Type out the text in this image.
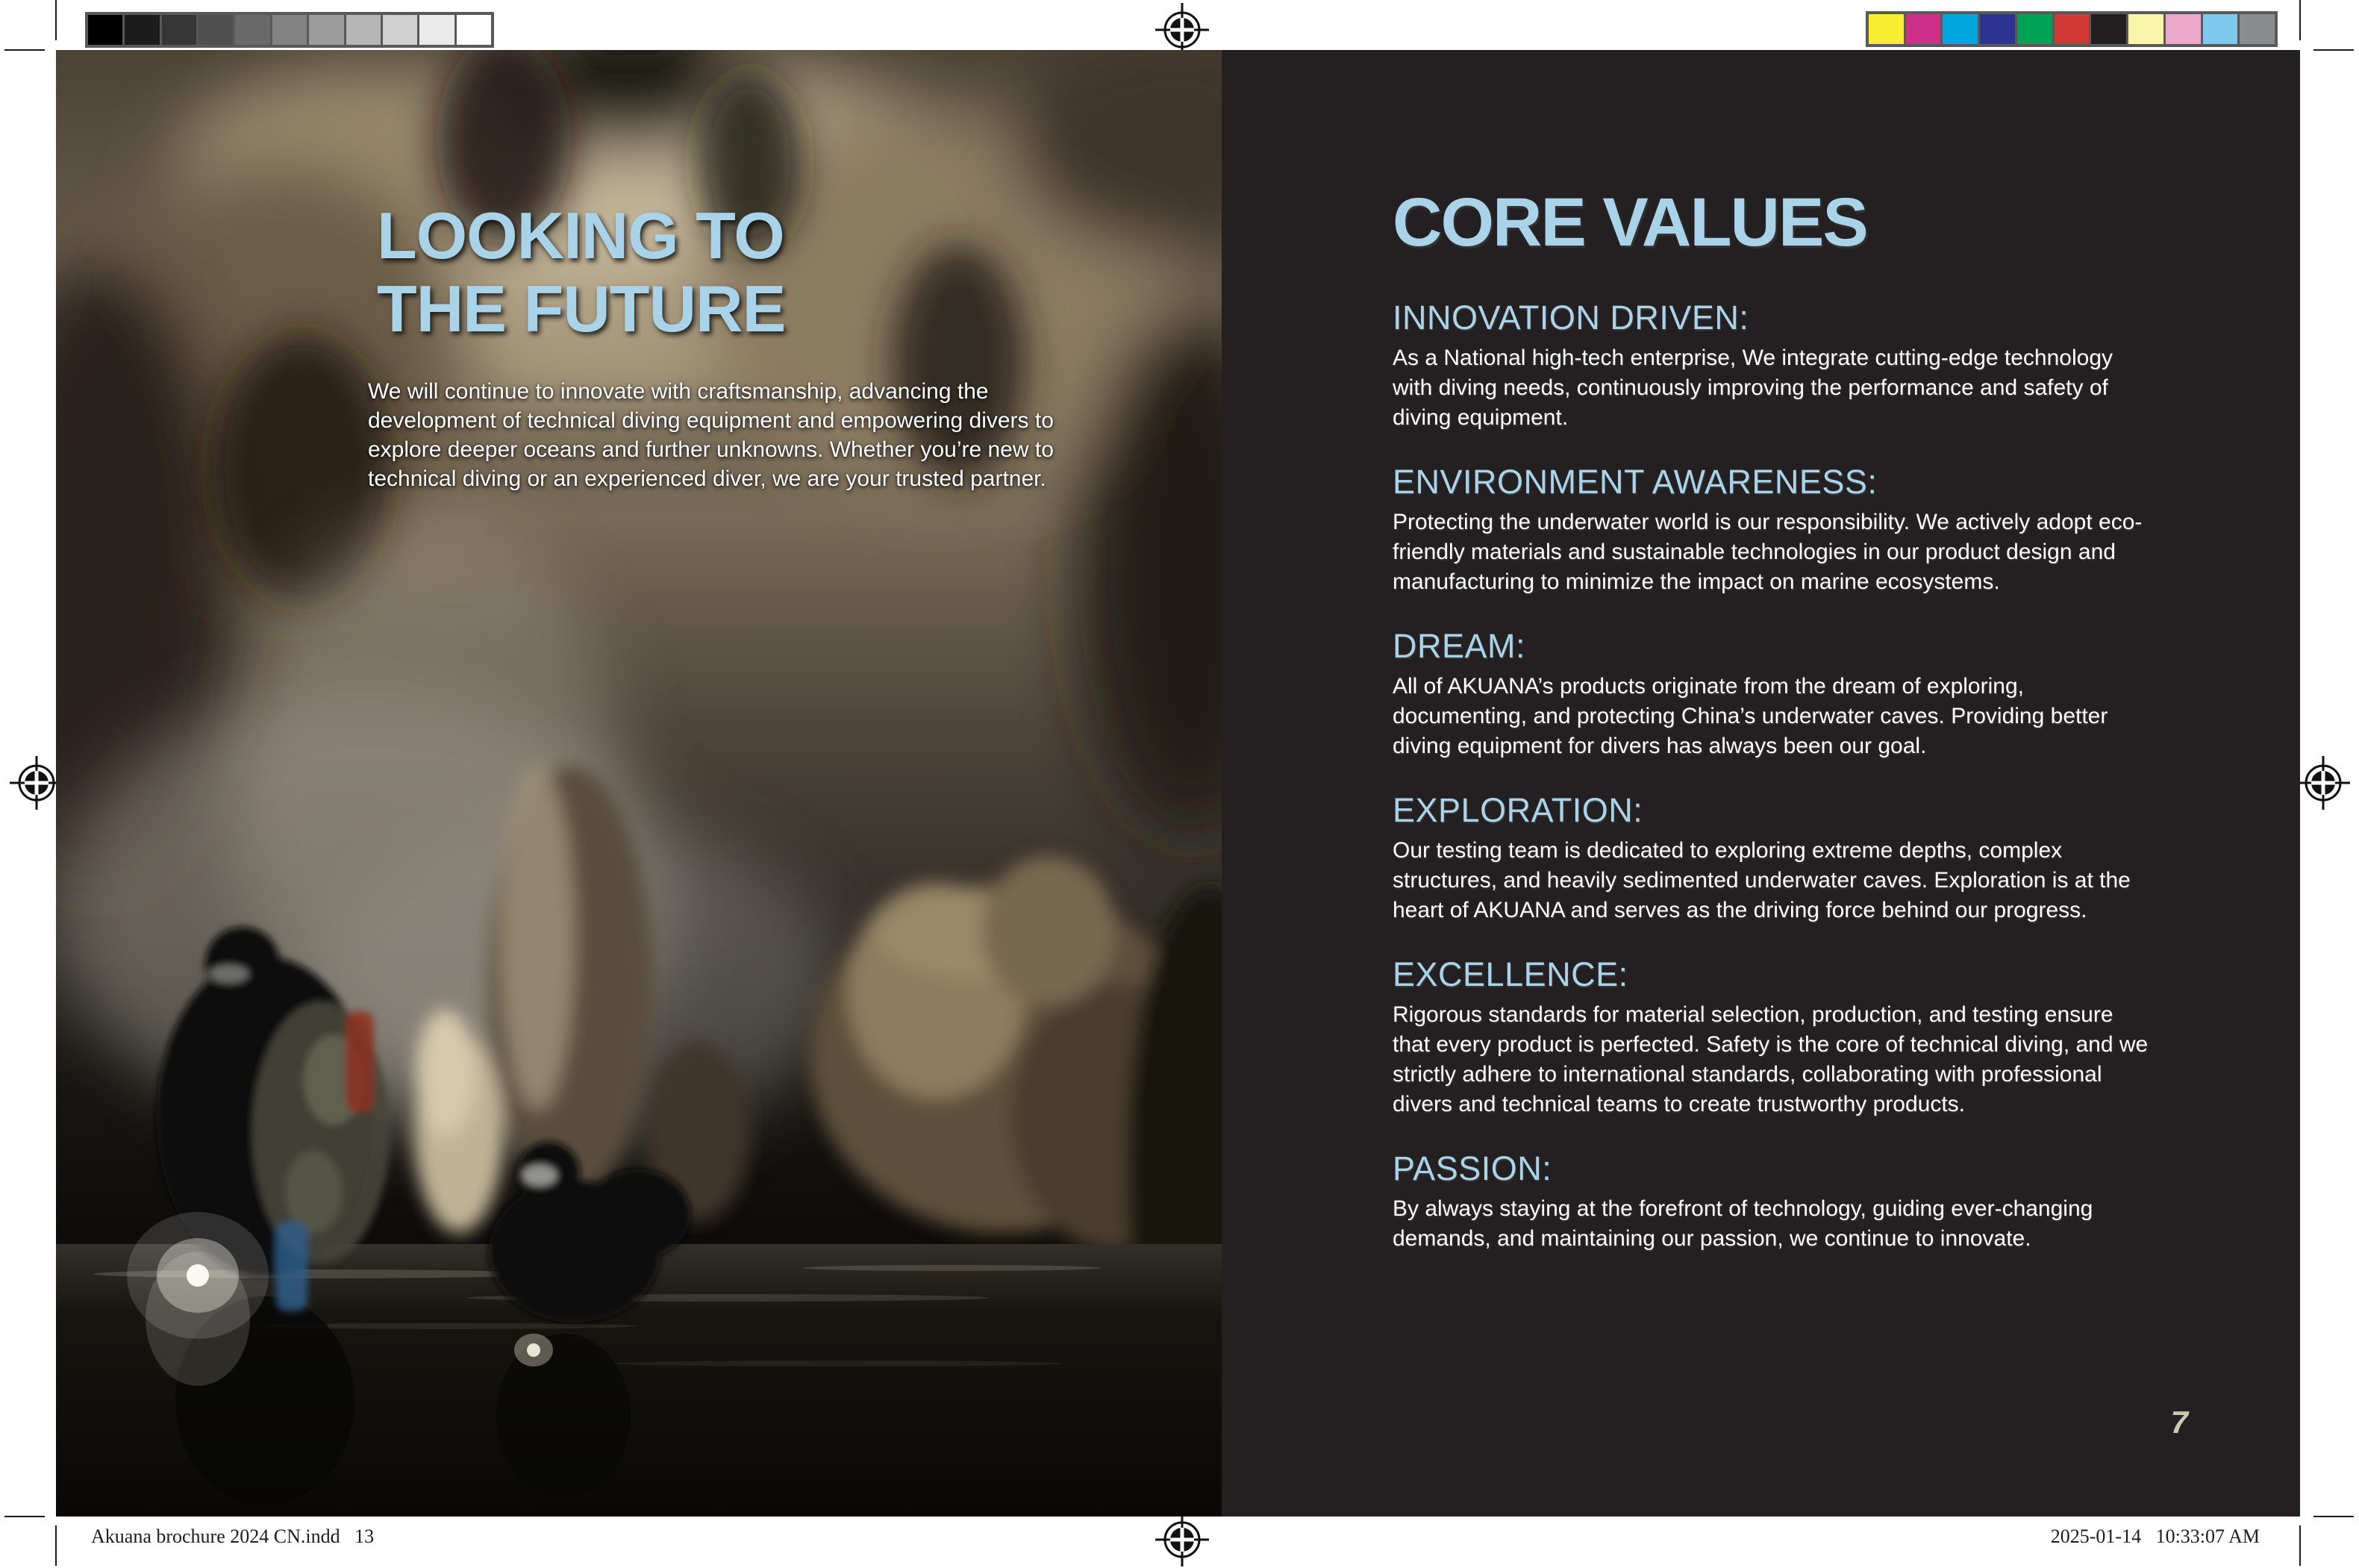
LOOKING TO
THE FUTURE

We will continue to innovate with craftsmanship, advancing the development of technical diving equipment and empowering divers to explore deeper oceans and further unknowns. Whether you’re new to technical diving or an experienced diver, we are your trusted partner.

CORE VALUES
INNOVATION DRIVEN:
As a National high-tech enterprise, We integrate cutting-edge technology with diving needs, continuously improving the performance and safety of diving equipment.
ENVIRONMENT AWARENESS:
Protecting the underwater world is our responsibility. We actively adopt eco-friendly materials and sustainable technologies in our product design and manufacturing to minimize the impact on marine ecosystems.
DREAM:
All of AKUANA’s products originate from the dream of exploring, documenting, and protecting China’s underwater caves. Providing better diving equipment for divers has always been our goal.
EXPLORATION:
Our testing team is dedicated to exploring extreme depths, complex structures, and heavily sedimented underwater caves. Exploration is at the heart of AKUANA and serves as the driving force behind our progress.
EXCELLENCE:
Rigorous standards for material selection, production, and testing ensure that every product is perfected. Safety is the core of technical diving, and we strictly adhere to international standards, collaborating with professional divers and technical teams to create trustworthy products.
PASSION:
By always staying at the forefront of technology, guiding ever-changing demands, and maintaining our passion, we continue to innovate.
7
Akuana brochure 2024 CN.indd   13	2025-01-14   10:33:07 AM
